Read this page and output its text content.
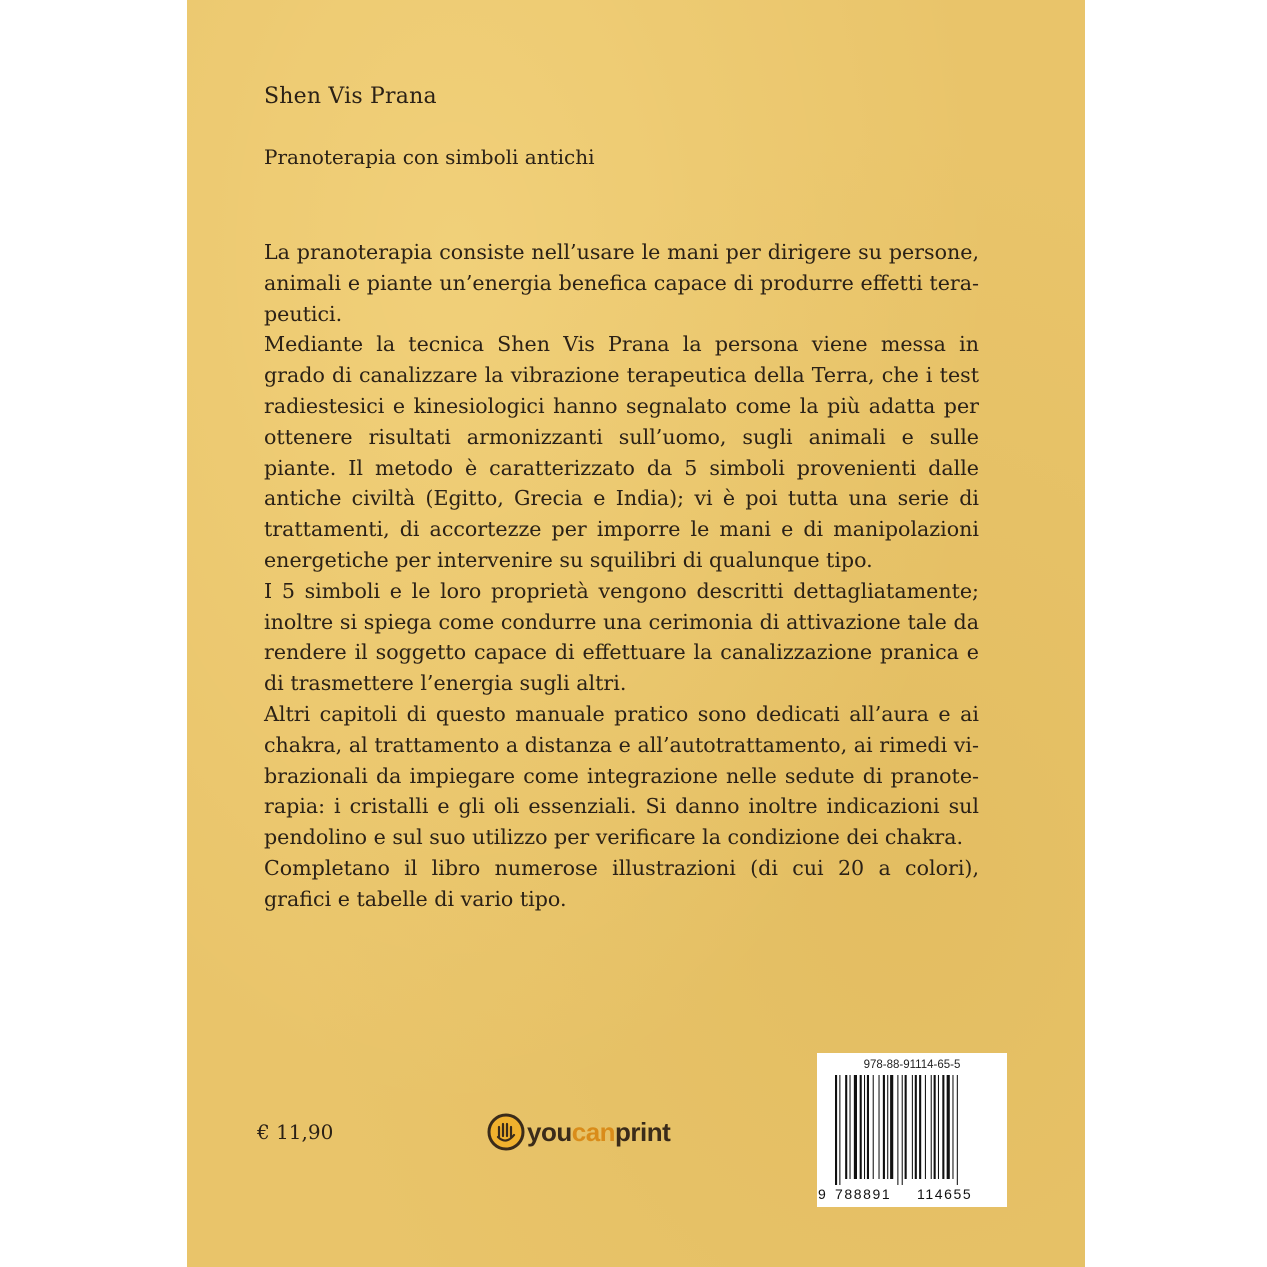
Shen Vis Prana
Pranoterapia con simboli antichi

La pranoterapia consiste nell’usare le mani per dirigere su persone, animali e piante un’energia benefica capace di produrre effetti terapeutici.

Mediante la tecnica Shen Vis Prana la persona viene messa in grado di canalizzare la vibrazione terapeutica della Terra, che i test radiestesici e kinesiologici hanno segnalato come la più adatta per ottenere risultati armonizzanti sull’uomo, sugli animali e sulle piante. Il metodo è caratterizzato da 5 simboli provenienti dalle antiche civiltà (Egitto, Grecia e India); vi è poi tutta una serie di trattamenti, di accortezze per imporre le mani e di manipolazioni energetiche per intervenire su squilibri di qualunque tipo.

I 5 simboli e le loro proprietà vengono descritti dettagliatamente; inoltre si spiega come condurre una cerimonia di attivazione tale da rendere il soggetto capace di effettuare la canalizzazione pranica e di trasmettere l’energia sugli altri.

Altri capitoli di questo manuale pratico sono dedicati all’aura e ai chakra, al trattamento a distanza e all’autotrattamento, ai rimedi vibrazionali da impiegare come integrazione nelle sedute di pranoterapia: i cristalli e gli oli essenziali. Si danno inoltre indicazioni sul pendolino e sul suo utilizzo per verificare la condizione dei chakra.

Completano il libro numerose illustrazioni (di cui 20 a colori), grafici e tabelle di vario tipo.

€ 11,90	youcanprint
978-88-91114-65-5
9 788891 114655
